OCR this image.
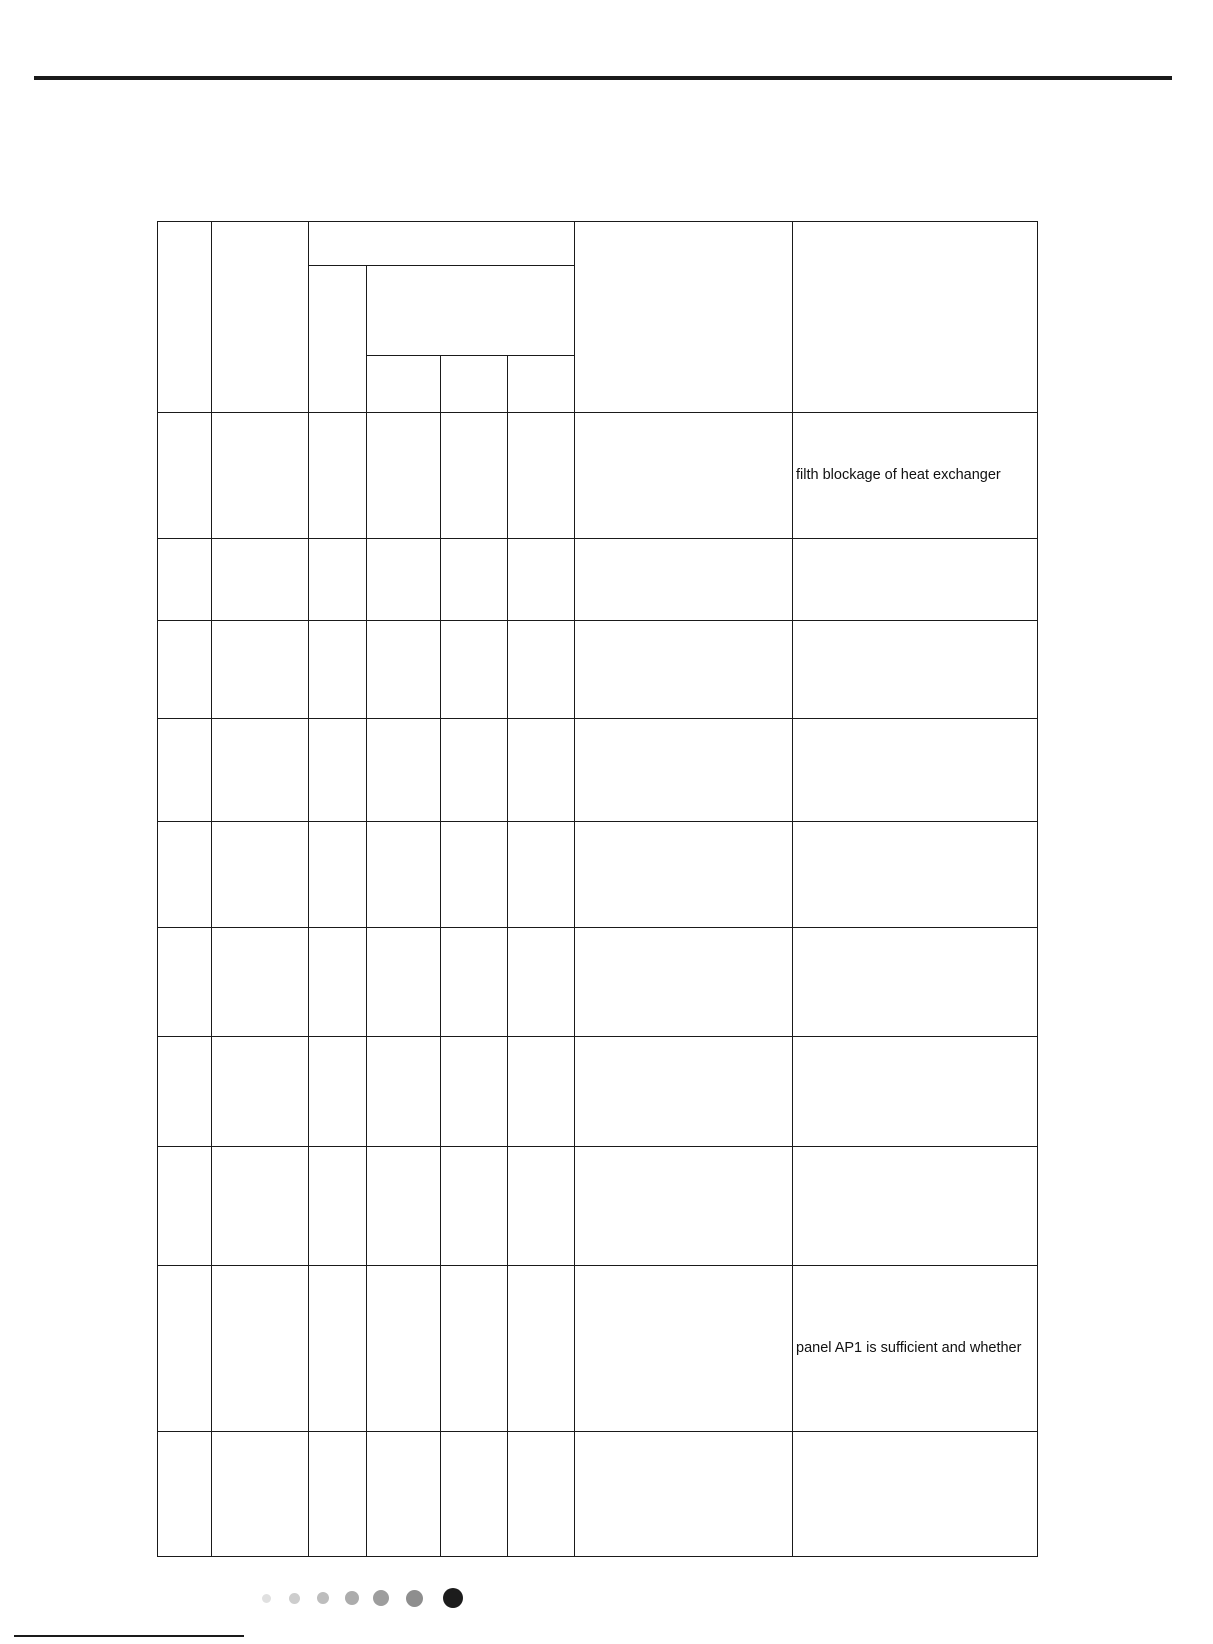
							filth blockage of heat exchanger

							panel AP1 is sufficient and whether
